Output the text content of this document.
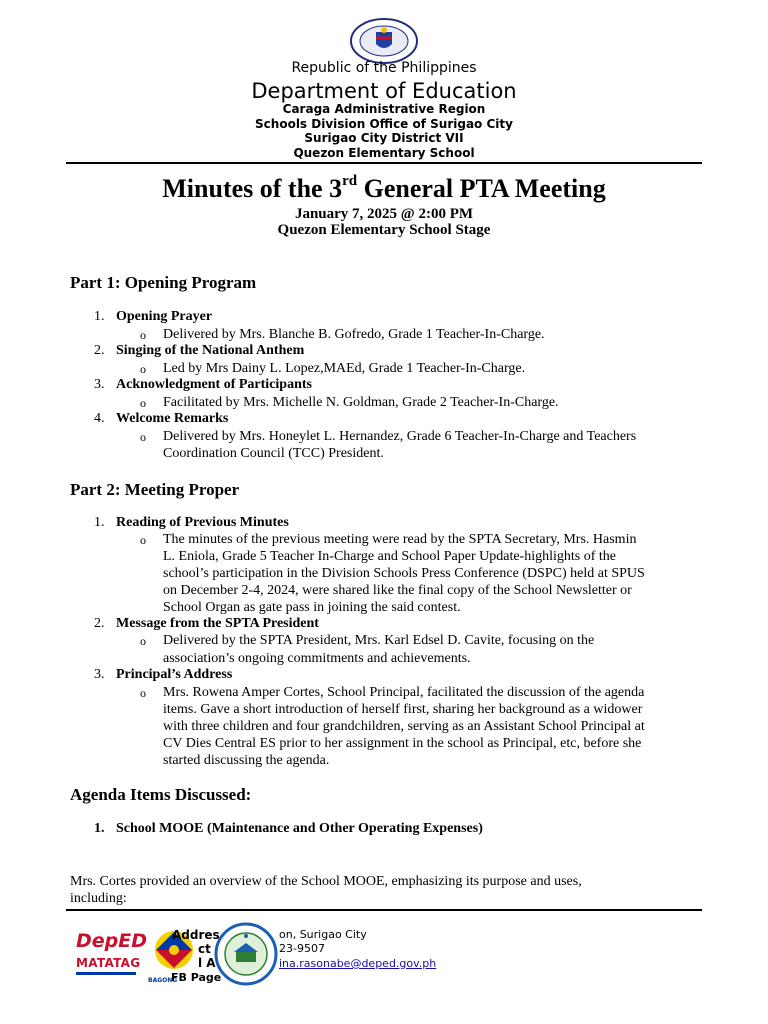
Republic of the Philippines
Department of Education
Caraga Administrative Region
Schools Division Office of Surigao City
Surigao City District VII
Quezon Elementary School
Minutes of the 3rd General PTA Meeting
January 7, 2025 @ 2:00 PM
Quezon Elementary School Stage
Part 1: Opening Program
1. Opening Prayer
o Delivered by Mrs. Blanche B. Gofredo, Grade 1 Teacher-In-Charge.
2. Singing of the National Anthem
o Led by Mrs Dainy L. Lopez,MAEd, Grade 1 Teacher-In-Charge.
3. Acknowledgment of Participants
o Facilitated by Mrs. Michelle N. Goldman, Grade 2 Teacher-In-Charge.
4. Welcome Remarks
o Delivered by Mrs. Honeylet L. Hernandez, Grade 6 Teacher-In-Charge and Teachers
Coordination Council (TCC) President.
Part 2: Meeting Proper
1. Reading of Previous Minutes
o The minutes of the previous meeting were read by the SPTA Secretary, Mrs. Hasmin
L. Eniola, Grade 5 Teacher In-Charge and School Paper Update-highlights of the
school’s participation in the Division Schools Press Conference (DSPC) held at SPUS
on December 2-4, 2024, were shared like the final copy of the School Newsletter or
School Organ as gate pass in joining the said contest.
2. Message from the SPTA President
o Delivered by the SPTA President, Mrs. Karl Edsel D. Cavite, focusing on the
association’s ongoing commitments and achievements.
3. Principal’s Address
o Mrs. Rowena Amper Cortes, School Principal, facilitated the discussion of the agenda
items. Gave a short introduction of herself first, sharing her background as a widower
with three children and four grandchildren, serving as an Assistant School Principal at
CV Dies Central ES prior to her assignment in the school as Principal, etc, before she
started discussing the agenda.
Agenda Items Discussed:
1. School MOOE (Maintenance and Other Operating Expenses)
Mrs. Cortes provided an overview of the School MOOE, emphasizing its purpose and uses,
including:
DepED
MATATAG
BAGONG
Addres
ct
l A
FB Page
on, Surigao City
23-9507
ina.rasonabe@deped.gov.ph
